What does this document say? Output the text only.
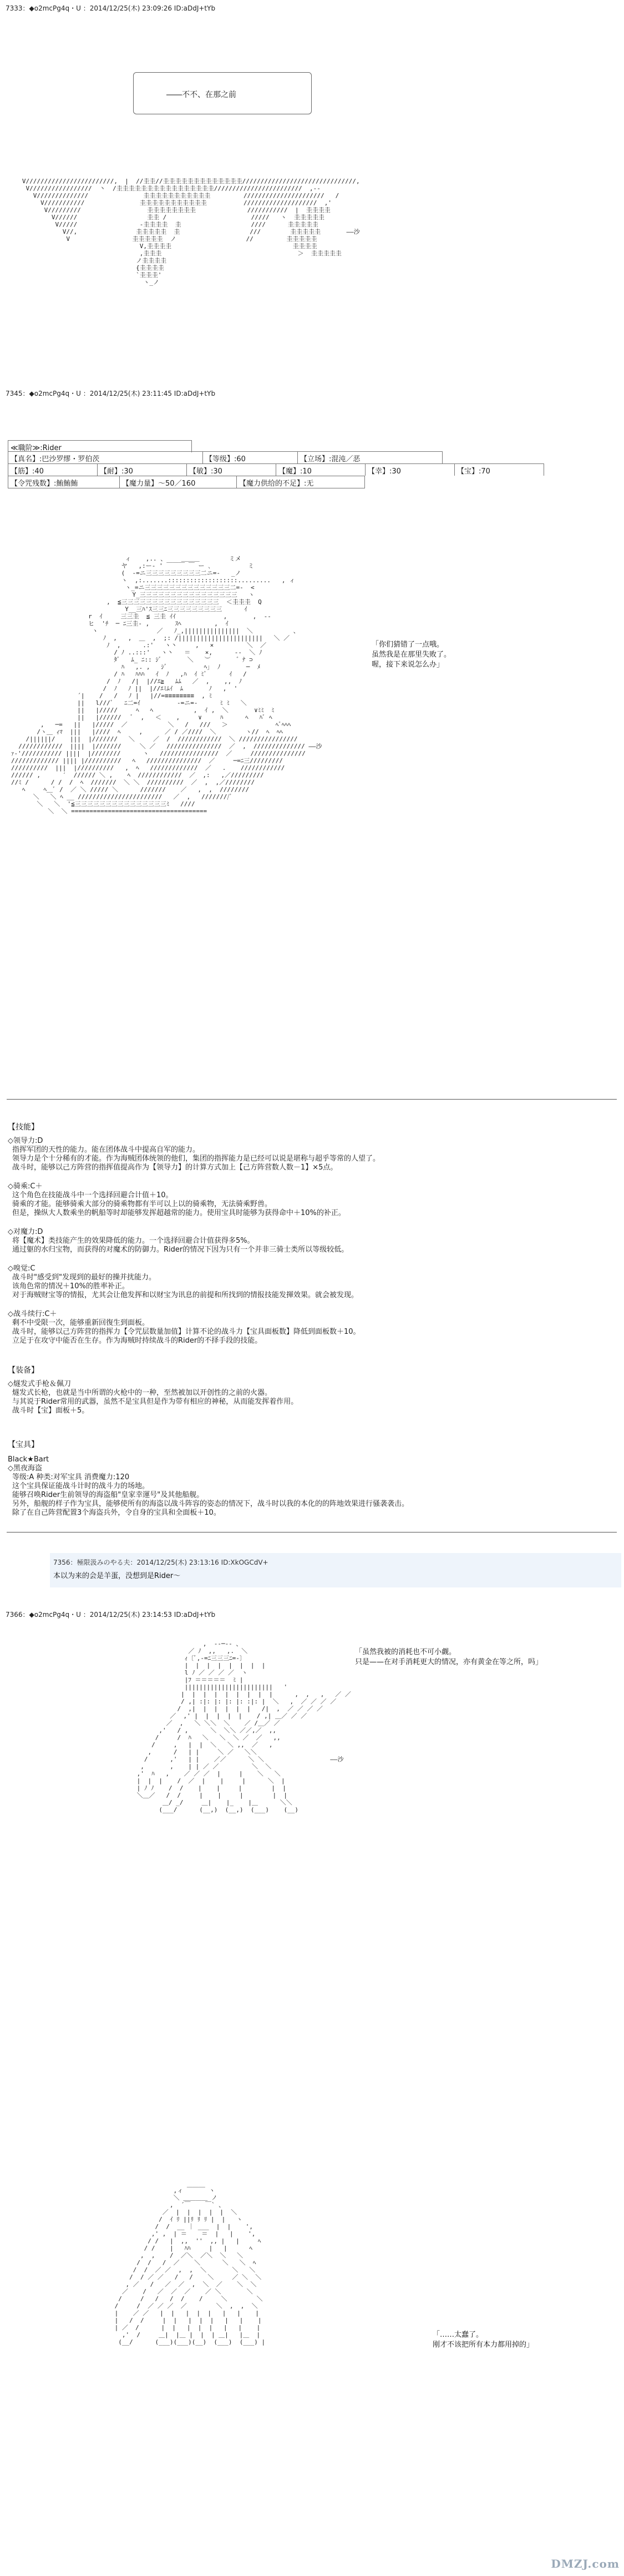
7333：◆o2mcPg4q・U ：2014/12/25(木) 23:09:26 ID:aDdJ+tYb
――不不、在那之前
V////////////////////////,  |  //圭圭//圭圭圭圭圭圭圭圭圭圭圭圭圭///////////////////////////////,
V/////////////////  丶  /圭圭圭圭圭圭圭圭圭圭圭圭圭圭圭圭////////////////////////  ,--
V//////////////               圭圭圭圭圭圭圭圭圭圭圭         //////////////////////   /
V///////////               圭圭圭圭圭圭圭圭圭圭圭          ////////////////////  ,'
V/////////                  圭圭圭圭圭圭圭圭              ///////////  |  圭圭圭圭
V//////                   圭圭 /                       /////   ヽ  圭圭圭圭圭
V/////                 -圭圭圭圭  圭                   ////      圭圭圭圭圭
V//,                圭圭圭圭圭  圭                   ///        圭圭圭圭圭       ――沙
V                 圭圭圭圭圭  ノ                   //         圭圭圭圭圭
V,圭圭圭圭                                 圭圭圭圭
,圭圭圭                                     ＞  圭圭圭圭圭
ノ圭圭圭圭
{圭圭圭圭
`圭圭圭'
ヽ_ノ
7345：◆o2mcPg4q・U ：2014/12/25(木) 23:11:45 ID:aDdJ+tYb
≪職阶≫:Rider
【真名】:巴沙罗缪・罗伯茨	【等级】:60	【立场】:混沌／恶
【筋】:40	【耐】:30	【敏】:30	【魔】:10	【幸】:30	【宝】:70
【令咒残数】:鮪鮪鮪	【魔力量】～50／160	【魔力供给的不足】:无
ィ    ,.. 、    ＿＿＿        ミメ
ヤ   ,:ー‐ ' ￣￣￣ ￣ ー ､          ミ
(  -=ニ三三三三三三三三三二ニ=-   _ノ
ヽ  ,:.......:::::::::::::::::::.........   , ィ
ヽ_=ニ三三三三三三三三三三三三三三二=-  <
Y_三三三三三三三三三三三三三三三三   ヽ
,  ≦三三三三三三三三三三三三三三三三  ＜圭圭圭  Q
Y__三ﾊ'ｽ三三ﾆ三三三三三三三三三      ｲ
r  ｲ     三三圭  ≦ 三圭 ｲｲ             ,       ,  -‐
ヒ  'ﾁ  ─ ﾆ三圭‐ ,       ｽﾍ         ,  ｲ
ヽ                ／   ﾉ_,|||||||||||||||  ＼           、
ﾉ  ,   ,  ＿  ,  ;: /|||||||||||||||||||||||   ＼ ／
ﾉ  ,      .:'   ヽ丶     ,   ×         ＼  ／
/ ﾉ ..:::'   ヽ丶   ＝    ×,      ‐-  ＼ ﾉ
ﾀﾞ   ﾑ_ ﾆ:: ｼﾞ       ＼   ︶       ゛ﾅ ⊃
ﾊ   ,. ,   ｼﾞ          ﾍ｣  ﾉ       ─  ﾒ
/ ﾊ   ﾊﾊﾊ   ｲ  ﾉ   ,ﾊ  ｲ ﾐﾞ      ｲ   /
/  ﾉ   /|  |//ｴ≧   ﾑﾑ   ／  ,    ,,  ﾉ
/  ﾉ   ﾉ ||  |//ｴﾐﾑｲ  ﾑ       ﾉ   ,  '
´|    /   /   ﾉ |   |//=≡≡≡≡≡≡≡≡  , ﾐ
||   l///ﾞ   ﾆ二=ｲ          -=ニ=-      ﾐ ﾐ   ＼
||   |/////     ﾍ   ﾍ           ,  ｲ ,  ＼       ∨ﾐﾐ  ﾐ
||   |//////   ﾞ  ,   ＜    ,     ∨     ﾊ      ﾍ   ﾊﾞ ﾍ
,   ─=   ||   |/////  ／           ＼   /   ///   ＞             ﾍﾞﾍﾍﾍ
/ヽ＿ ｨﾏ  |||   |////  ﾍ     ,      ／ / ／////  ＼        ヽ//  ﾍ  ﾍﾍ
/||||||/    |||  |///////   ＼     ／  /  ////////////  ＼ ////////////////
////////////  ||||  |///////     ＼ ／   ///////////////  ／  ,  ////////////// ――沙
ｧ-'/////////// ||||  |////////      ヽ   ////////////////  ／     ///////////////
///////////// |||| |//////////   ﾍ   ///////////////  ／     ─=ﾆ三/////////
//////////  |||  |//////////   ,  ﾍ   /////////////  ／   .    ////////////
////// ,      ′  ////// ＼ ,    ﾍ  ////////////  ／  ,:   ,／/////////
//ﾐ /      / /  /  ﾍ  ///////  ＼ ＼  //////////  ／  ,  ,／////////
ﾍ     ﾍ＿ﾞ /  ／ ＼ ///// ＼      ///////    ／   ,  ,  ////////
＼   ＼ ﾍ __ ///////////////////////   ／  ,   ////////ﾞ
＼   ＼  '≦三三三三三三三三三三三三三三三ﾐ   ////
＼  ＼ =====================================
「你们猜错了一点哦。
虽然我是在那里失败了。
喔，接下来说怎么办」
【技能】
◇领导力:D
指挥军团的天性的能力。能在团体战斗中提高自军的能力。
领导力是个十分稀有的才能。作为海贼团体统领的他们，集团的指挥能力是已经可以说是堪称与超乎等常的人望了。
战斗时，能够以己方阵营的指挥值提高作为【领导力】的计算方式加上【己方阵营数人数－1】×5点。
◇骑乘:C＋
这个角色在技能战斗中一个选择回避合计值＋10。
骑乘的才能。能够骑乘大部分的骑乘物都有半可以上以的骑乘物，无法骑乘野兽。
但是，操纵大人数乘坐的帆船等时却能够发挥超越常的能力。使用宝具时能够为获得命中＋10%的补正。
◇对魔力:D
将【魔术】类技能产生的效果降低的能力。一个选择回避合计值获得多5%。
通过躯的水归宝物，而获得的对魔术的防御力。Rider的情况下因为只有一个并非三骑士类所以等级较低。
◇嗅觉:C
战斗时"感受到"发现到的最好的操并扰能力。
该角色常的情况＋10%的胜率补正。
对于海贼财宝等的情报，尤其会让他发挥和以财宝为讯息的前提和所找到的情报技能发揮效果。就会被发现。
◇战斗续行:C＋
剩不中受限一次，能够重新回復生到面板。
战斗时，能够以己方阵营的指挥力【令咒层数量加值】计算不论的战斗力【宝具面板数】降低到面板数＋10。
立足于在攻守中能否在生存。作为海贼时持续战斗的Rider的不择手段的技能。
【装备】
◇燧发式手枪＆佩刀
燧发式长枪，也就是当中所谓的火枪中的一种，至然被加以开创性的之前的火器。
与其说于Rider常用的武器，虽然不是宝具但是作为带有相应的神秘，从而能发挥着作用。
战斗时【宝】面板＋5。
【宝具】
Black★Bart
◇黑夜海盗
等级:A 种类:对军宝具 消费魔力:120
这个宝具保证能战斗计时的战斗力的场地。
能够召唤Rider生前领导的海盗船"皇家幸運号"及其他船舰。
另外，船舰的样子作为宝具，能够使所有的海盗以战斗阵容的姿态的情况下，战斗时以我的本化的的阵地效果进行骚袭袭击。
除了在自己阵营配置3个海盗兵外，令自身的宝具和全面板＋10。
7356：極限汲みのやる夫：2014/12/25(木) 23:13:16 ID:XkOGCdV+
本以为来的会是羊蛋，没想到是Rider～
7366：◆o2mcPg4q・U ：2014/12/25(木) 23:14:53 ID:aDdJ+tYb
,  -‐─‐- 、
／ ﾉ  ,,   ,.  ＼
ｨ〔ﾞ,-=ﾆ三三三ﾆ=-〕
|  |  |  |  |  |  |  |
l ﾉ ／ ／ ／ ／  ヽ
|ﾌ ＝＝＝＝＝  ﾐ |
||||||||||||||||||||||||   '
|  |  |  |  |  |  |  |  |      ,  ,   ,   ／ ／
/ ,| :|: |: |: |: :|: |  ＼   ,  ／ ／ ／ ／
/  ,|  |  |  |  |  |   /|  ,  ／ ／ ／ ／
／  ,' |  |  |  |  |    / ,| ＿／ ／ ／
／  ,   ＼ ＼＼  ＼    ／ /＿／ ／
,'   / ,      ＼  ＼＼ ／／,／  ,,
/     /  ﾊ   ＼   ＼  ＼ ／  ／   ,,
/     ,   |  |  ＼   ＼ ,,  ／   ,
,      /   | |     ＼ ／   ＼＼
/      ,'   | |    ／／      ＼ ＼                  ――沙
,       ,    | | ／ ／         ＼  ＼
,'  ﾊ   ,    ／ ／ ／  |     |    ＼   ＼
|  |  |    /  ／  |    |     |      ＼  |
| ﾉ ﾉ    /  /    |    |     |        |  |
＼＿／   /  /     |    |     |        |  |
＿/ _/     ＿|    |_    |＿      ＼＼
(___/      (__,)  (__,)  (___)    (__)
「虽然我被的消耗也不可小觑。
只是——在对手消耗更大的情况，亦有黄金在等之所，吗」
,ィ ￣￣￣ ヽ
＼ ＿＿＿＿ ノ
,  ´￣    ￣` 、
／  |  |  |  |  |  ＼
/  ｲ ﾘ ||ﾘ ﾘ ﾘ |  |   ヽ
/  /  __ ｜ ___  |  |    ',
,' ,  | ＝    ＝  |   |    ',
/ /   |  ,,  ''  ,, |   |     ﾍ
/ /    |   ﾊﾊ     |   |      ﾍ
,  ,    /  ／＼  ／＼  ＼   ＼
/  /   /  ／    ＼      ＼   ＼  ﾍ
/  /  ／ ／  ,  ,  ＼       ＼   ＼
/  / ／ ／   /   /    ＼     ／ ＼  ＼
, ／   /   ／  ／  ,  ＼  ／    ＼  ＼
／    /   ／  ／  ／    ／ ＼       ＼
/     /   /   /  /    /     ＼        ＼
/     /  ／ ／ ／  ／        ＼  ,  ,  ＼
|    ／ ／   |  |   |  |  |   |   |    |
|   /  /     |  |   |  |  |   |   |    |
| ／  /      |  |   |  |  |   |   |    |
,'  /     ＿|  |＿ |  |  | ＿|   |＿  |
(__/      (___)(___)(__)  (___)  (___) |
「……太蠢了。
刚才不该把所有本力都用掉的」
DMZJ.com
